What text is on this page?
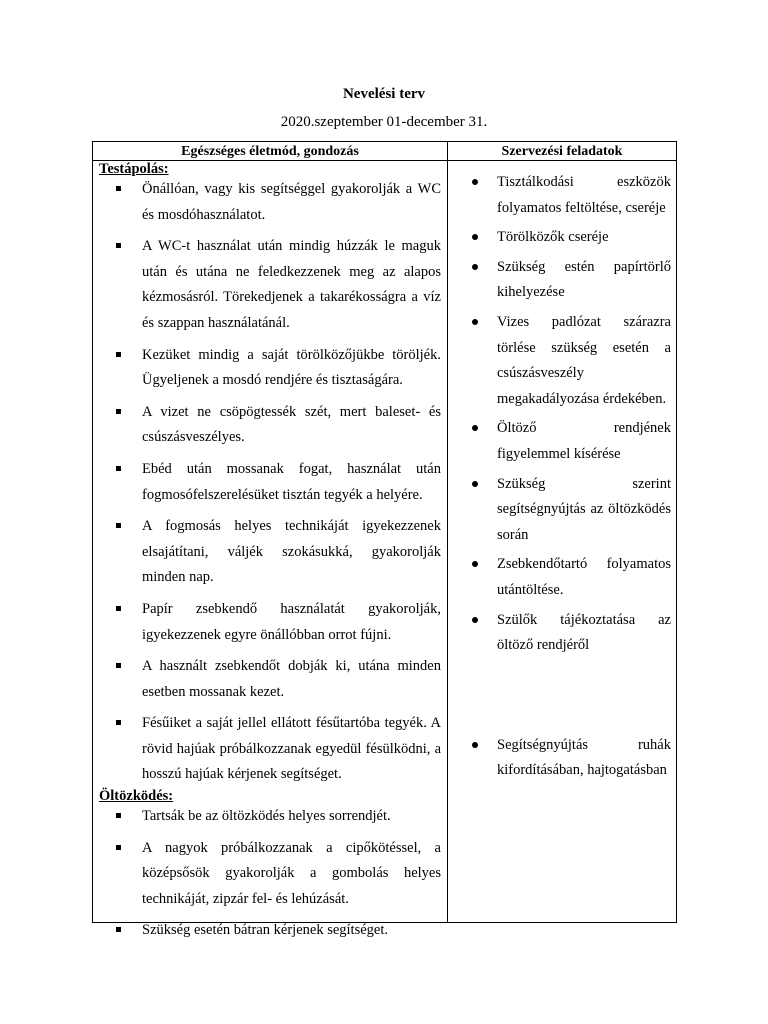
Nevelési terv
2020.szeptember 01-december 31.
Egészséges életmód, gondozás	Szervezési feladatok
Testápolás:
Önállóan, vagy kis segítséggel gyakorolják a WC és mosdóhasználatot.
A WC-t használat után mindig húzzák le maguk után és utána ne feledkezzenek meg az alapos kézmosásról. Törekedjenek a takarékosságra a víz és szappan használatánál.
Kezüket mindig a saját törölközőjükbe töröljék. Ügyeljenek a mosdó rendjére és tisztaságára.
A vizet ne csöpögtessék szét, mert baleset- és csúszásveszélyes.
Ebéd után mossanak fogat, használat után fogmosófelszerelésüket tisztán tegyék a helyére.
A fogmosás helyes technikáját igyekezzenek elsajátítani, váljék szokásukká, gyakorolják minden nap.
Papír zsebkendő használatát gyakorolják, igyekezzenek egyre önállóbban orrot fújni.
A használt zsebkendőt dobják ki, utána minden esetben mossanak kezet.
Fésűiket a saját jellel ellátott fésűtartóba tegyék. A rövid hajúak próbálkozzanak egyedül fésülködni, a hosszú hajúak kérjenek segítséget.
Öltözködés:
Tartsák be az öltözködés helyes sorrendjét.
A nagyok próbálkozzanak a cipőkötéssel, a középsősök gyakorolják a gombolás helyes technikáját, zipzár fel- és lehúzását.
Szükség esetén bátran kérjenek segítséget.
Tisztálkodási eszközök folyamatos feltöltése, cseréje
Törölközők cseréje
Szükség estén papírtörlő kihelyezése
Vizes padlózat szárazra törlése szükség esetén a csúszásveszély megakadályozása érdekében.
Öltöző rendjének figyelemmel kísérése
Szükség szerint segítségnyújtás az öltözködés során
Zsebkendőtartó folyamatos utántöltése.
Szülők tájékoztatása az öltöző rendjéről
Segítségnyújtás ruhák kifordításában, hajtogatásban
